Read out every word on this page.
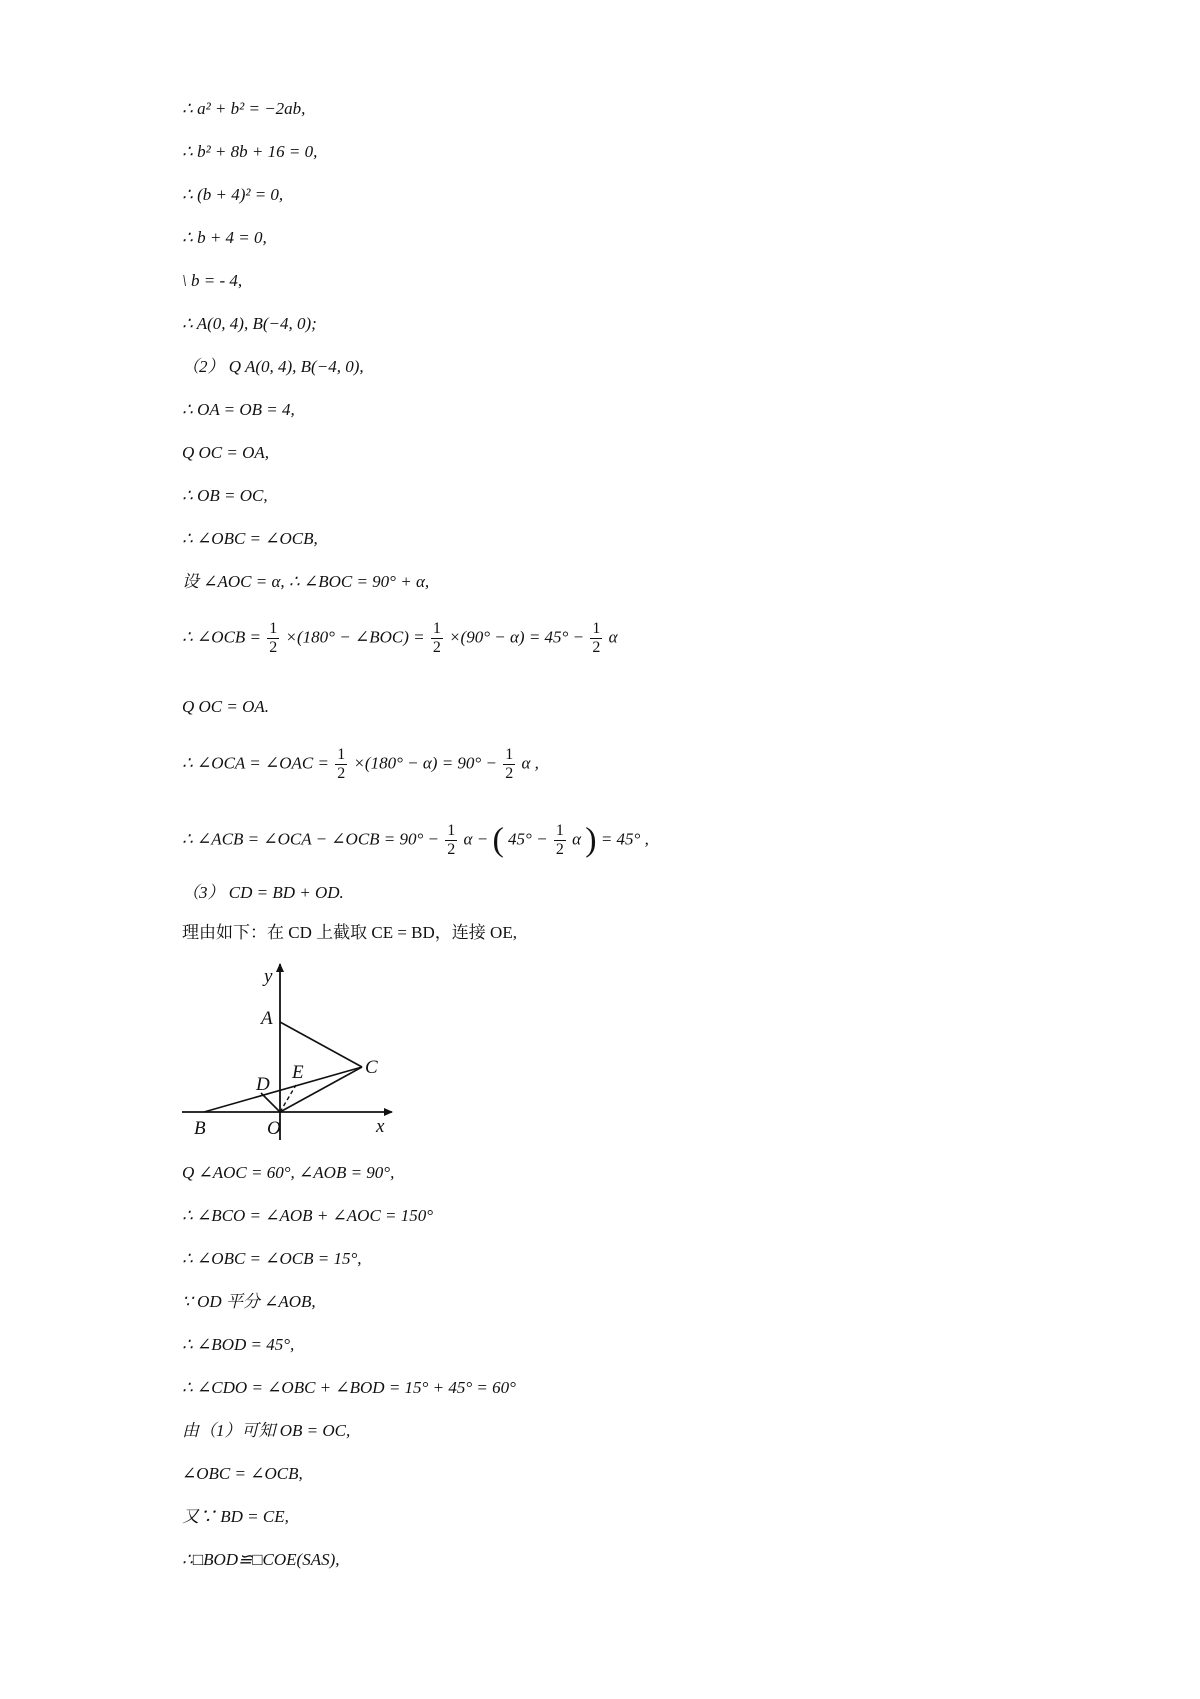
∴ a² + b² = −2ab,
∴ b² + 8b + 16 = 0,
∴ (b + 4)² = 0,
∴ b + 4 = 0,
\ b = - 4,
∴ A(0, 4), B(−4, 0);
（2） Q A(0, 4), B(−4, 0),
∴ OA = OB = 4,
Q OC = OA,
∴ OB = OC,
∴ ∠OBC = ∠OCB,
设 ∠AOC = α, ∴ ∠BOC = 90° + α,
∴ ∠OCB = $\frac{1}{2} \times(180^\circ$ − ∠BOC) = $\frac{1}{2} \times(90^\circ - \alpha) = 45^\circ - \frac{1}{2}$ α
Q OC = OA.
∴ ∠OCA = ∠OAC = $\frac{1}{2} \times(180^\circ - \alpha) = 90^\circ - \frac{1}{2}$ α ,
∴ ∠ACB = ∠OCA − ∠OCB = $90^\circ - \frac{1}{2}$ α − ( $45^\circ - \frac{1}{2}$ α ) = 45° ,
（3） CD = BD + OD.
理由如下：在 CD 上截取 CE = BD，连接 OE,
y
A
C
E
D
B	O	x
Q ∠AOC = 60°, ∠AOB = 90°,
∴ ∠BCO = ∠AOB + ∠AOC = 150°
∴ ∠OBC = ∠OCB = 15°,
∵ OD 平分 ∠AOB,
∴ ∠BOD = 45°,
∴ ∠CDO = ∠OBC + ∠BOD = 15° + 45° = 60°
由（1）可知 OB = OC,
∠OBC = ∠OCB,
又∵ BD = CE,
∴□BOD≌□COE(SAS),
